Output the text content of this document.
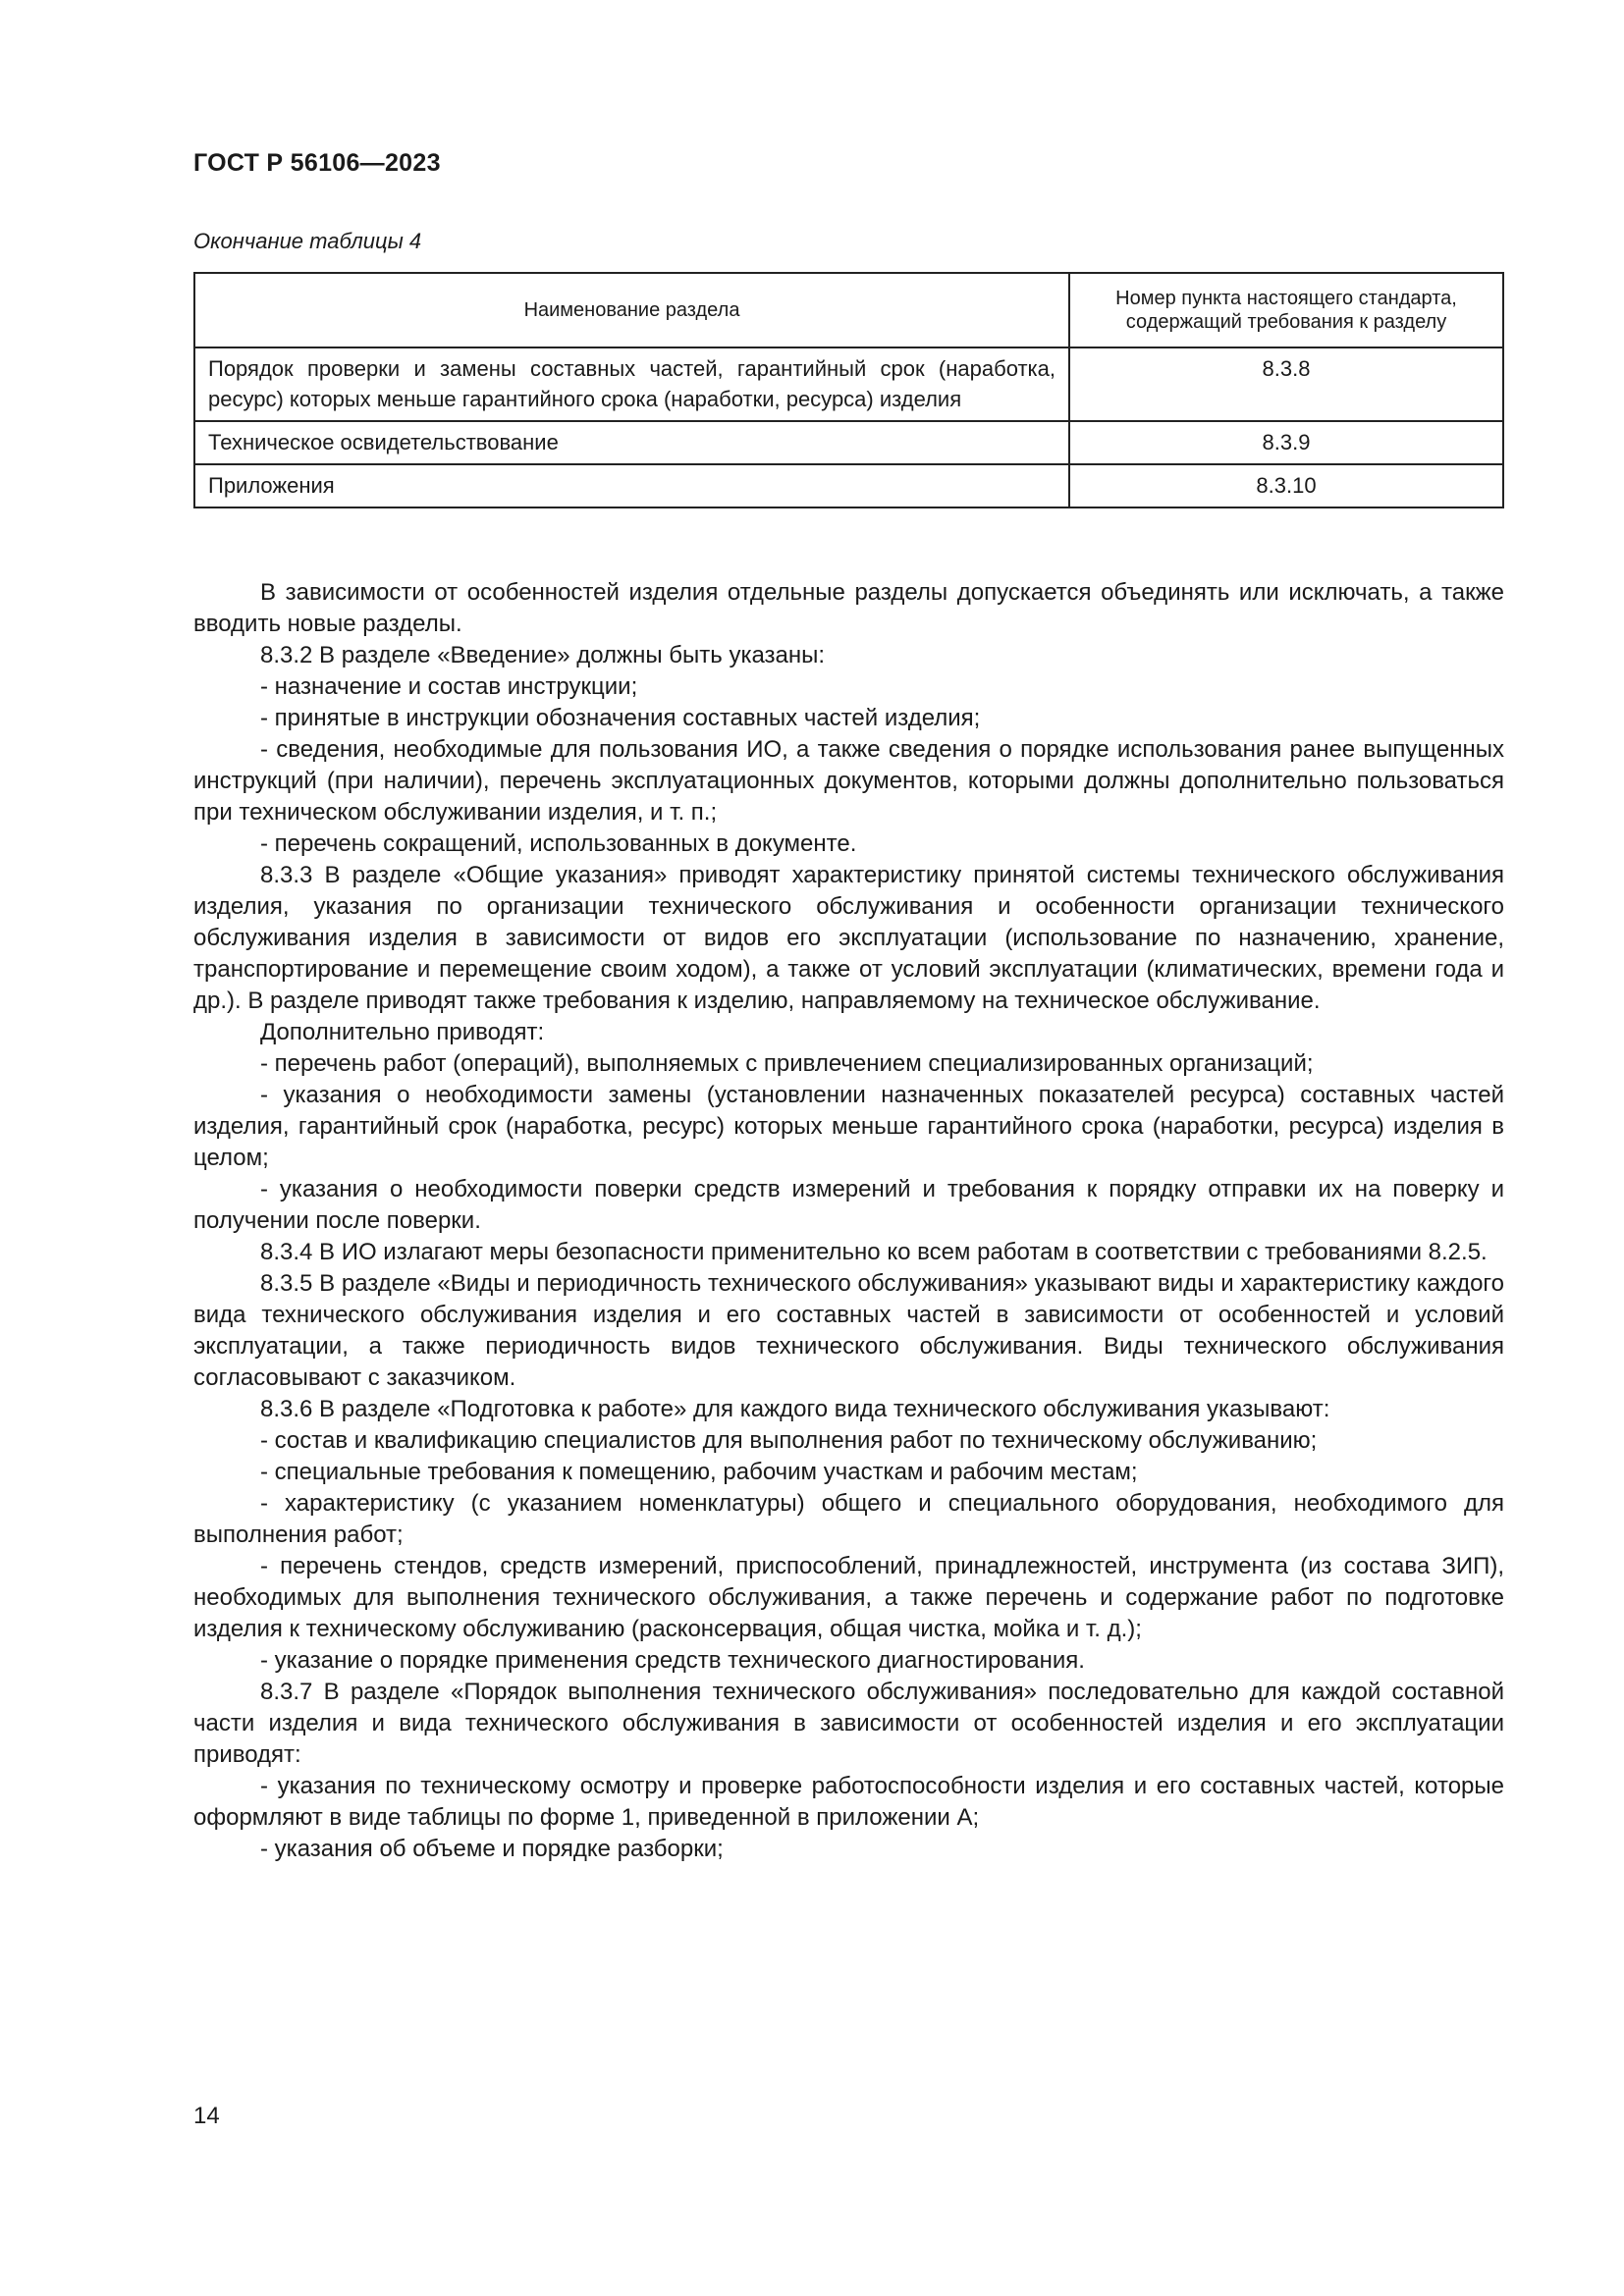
ГОСТ Р 56106—2023
Окончание таблицы 4
Наименование раздела	Номер пункта настоящего стандарта, содержащий требования к разделу
Порядок проверки и замены составных частей, гарантийный срок (наработка, ресурс) которых меньше гарантийного срока (наработки, ресурса) изделия	8.3.8
Техническое освидетельствование	8.3.9
Приложения	8.3.10

В зависимости от особенностей изделия отдельные разделы допускается объединять или исключать, а также вводить новые разделы.

8.3.2 В разделе «Введение» должны быть указаны:

- назначение и состав инструкции;

- принятые в инструкции обозначения составных частей изделия;

- сведения, необходимые для пользования ИО, а также сведения о порядке использования ранее выпущенных инструкций (при наличии), перечень эксплуатационных документов, которыми должны дополнительно пользоваться при техническом обслуживании изделия, и т. п.;

- перечень сокращений, использованных в документе.

8.3.3 В разделе «Общие указания» приводят характеристику принятой системы технического обслуживания изделия, указания по организации технического обслуживания и особенности организации технического обслуживания изделия в зависимости от видов его эксплуатации (использование по назначению, хранение, транспортирование и перемещение своим ходом), а также от условий эксплуатации (климатических, времени года и др.). В разделе приводят также требования к изделию, направляемому на техническое обслуживание.

Дополнительно приводят:

- перечень работ (операций), выполняемых с привлечением специализированных организаций;

- указания о необходимости замены (установлении назначенных показателей ресурса) составных частей изделия, гарантийный срок (наработка, ресурс) которых меньше гарантийного срока (наработки, ресурса) изделия в целом;

- указания о необходимости поверки средств измерений и требования к порядку отправки их на поверку и получении после поверки.

8.3.4 В ИО излагают меры безопасности применительно ко всем работам в соответствии с требованиями 8.2.5.

8.3.5 В разделе «Виды и периодичность технического обслуживания» указывают виды и характеристику каждого вида технического обслуживания изделия и его составных частей в зависимости от особенностей и условий эксплуатации, а также периодичность видов технического обслуживания. Виды технического обслуживания согласовывают с заказчиком.

8.3.6 В разделе «Подготовка к работе» для каждого вида технического обслуживания указывают:

- состав и квалификацию специалистов для выполнения работ по техническому обслуживанию;

- специальные требования к помещению, рабочим участкам и рабочим местам;

- характеристику (с указанием номенклатуры) общего и специального оборудования, необходимого для выполнения работ;

- перечень стендов, средств измерений, приспособлений, принадлежностей, инструмента (из состава ЗИП), необходимых для выполнения технического обслуживания, а также перечень и содержание работ по подготовке изделия к техническому обслуживанию (расконсервация, общая чистка, мойка и т. д.);

- указание о порядке применения средств технического диагностирования.

8.3.7 В разделе «Порядок выполнения технического обслуживания» последовательно для каждой составной части изделия и вида технического обслуживания в зависимости от особенностей изделия и его эксплуатации приводят:

- указания по техническому осмотру и проверке работоспособности изделия и его составных частей, которые оформляют в виде таблицы по форме 1, приведенной в приложении А;

- указания об объеме и порядке разборки;

14
